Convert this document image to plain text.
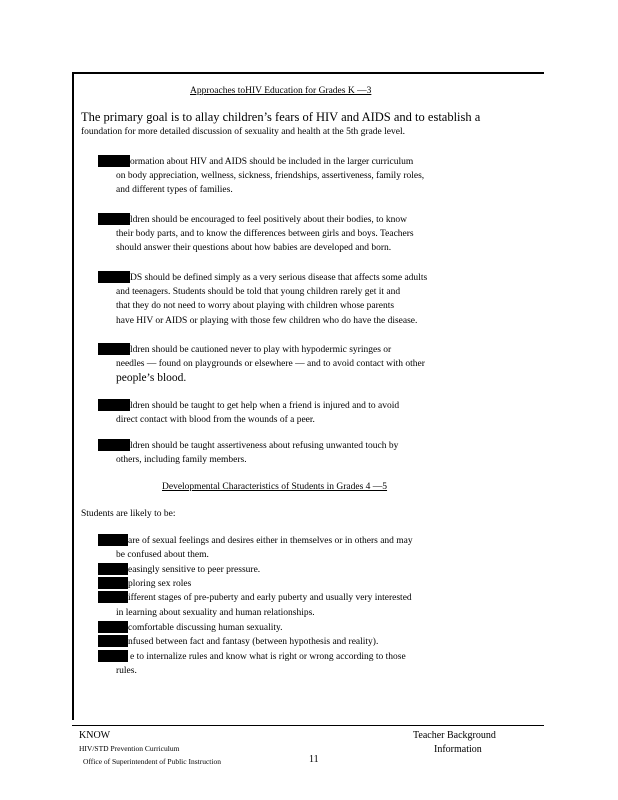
Approaches toHIV Education for Grades K —3
The primary goal is to allay children’s fears of HIV and AIDS and to establish a
foundation for more detailed discussion of sexuality and health at the 5th grade level.
ormation about HIV and AIDS should be included in the larger curriculum
on body appreciation, wellness, sickness, friendships, assertiveness, family roles,
and different types of families.
ldren should be encouraged to feel positively about their bodies, to know
their body parts, and to know the differences between girls and boys. Teachers
should answer their questions about how babies are developed and born.
DS should be defined simply as a very serious disease that affects some adults
and teenagers. Students should be told that young children rarely get it and
that they do not need to worry about playing with children whose parents
have HIV or AIDS or playing with those few children who do have the disease.
ldren should be cautioned never to play with hypodermic syringes or
needles — found on playgrounds or elsewhere — and to avoid contact with other
people’s blood.
ldren should be taught to get help when a friend is injured and to avoid
direct contact with blood from the wounds of a peer.
ldren should be taught assertiveness about refusing unwanted touch by
others, including family members.
Developmental Characteristics of Students in Grades 4 —5
Students are likely to be:
are of sexual feelings and desires either in themselves or in others and may
be confused about them.
easingly sensitive to peer pressure.
ploring sex roles
ifferent stages of pre-puberty and early puberty and usually very interested
in learning about sexuality and human relationships.
comfortable discussing human sexuality.
nfused between fact and fantasy (between hypothesis and reality).
e to internalize rules and know what is right or wrong according to those
rules.
KNOW
HIV/STD Prevention Curriculum
Office of Superintendent of Public Instruction	11
Teacher Background
Information
